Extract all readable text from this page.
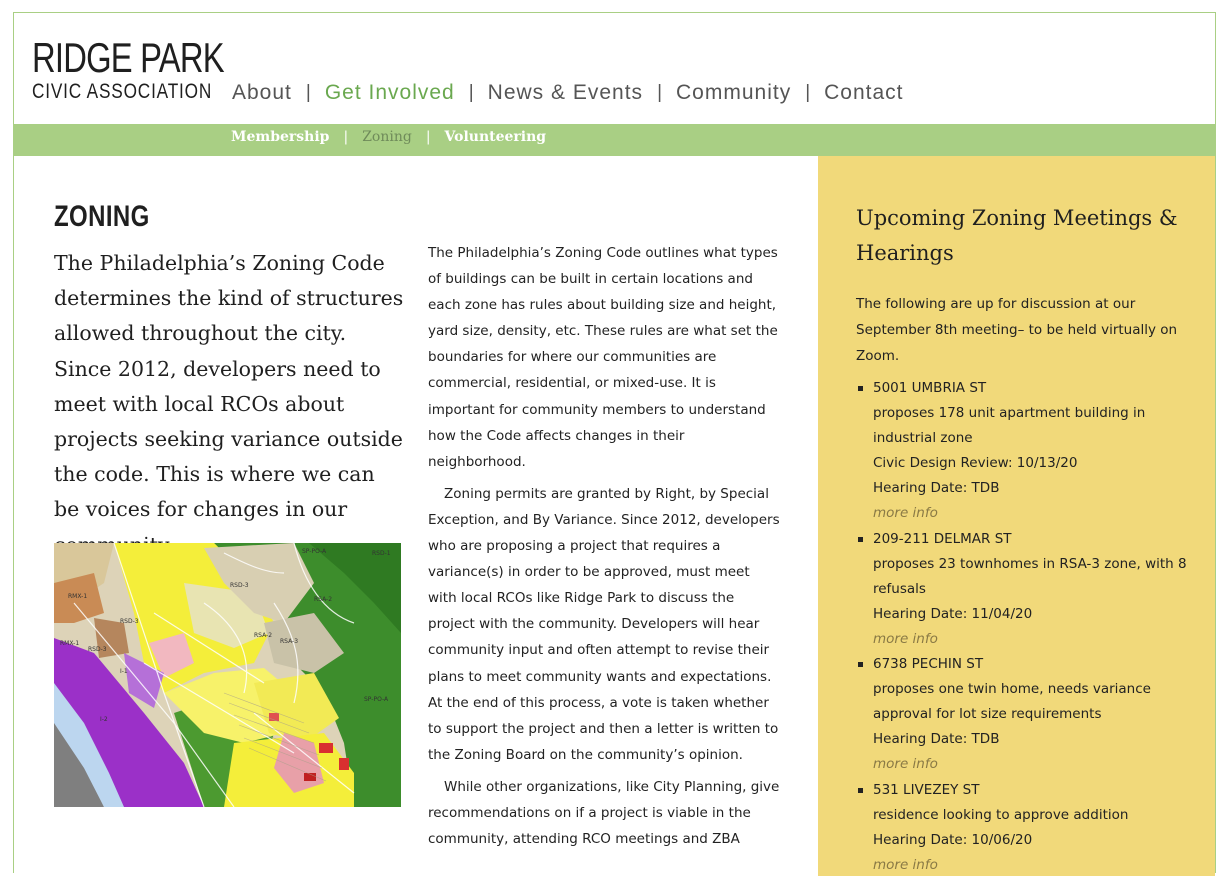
RIDGE PARK
CIVIC ASSOCIATION About | Get Involved | News & Events | Community | Contact
Membership | Zoning | Volunteering
ZONING
The Philadelphia’s Zoning Code determines the kind of structures allowed throughout the city. Since 2012, developers need to meet with local RCOs about projects seeking variance outside the code. This is where we can be voices for changes in our
RSD-1
RSD-3
RMX-1	RSA-2
RSD-3
SP-PO-A
RMX-1
RSD-3
I-1
RSA-2
RSA-3
SP-PO-A
I-2

The Philadelphia’s Zoning Code outlines what types of buildings can be built in certain locations and each zone has rules about building size and height, yard size, density, etc. These rules are what set the boundaries for where our communities are commercial, residential, or mixed-use. It is important for community members to understand how the Code affects changes in their neighborhood.

Zoning permits are granted by Right, by Special Exception, and By Variance. Since 2012, developers who are proposing a project that requires a variance(s) in order to be approved, must meet with local RCOs like Ridge Park to discuss the project with the community. Developers will hear community input and often attempt to revise their plans to meet community wants and expectations. At the end of this process, a vote is taken whether to support the project and then a letter is written to the Zoning Board on the community’s opinion.

While other organizations, like City Planning, give recommendations on if a project is viable in the community, attending RCO meetings and ZBA

Upcoming Zoning Meetings & Hearings
The following are up for discussion at our September 8th meeting– to be held virtually on Zoom.
5001 UMBRIA ST
proposes 178 unit apartment building in industrial zone
Civic Design Review: 10/13/20
Hearing Date: TDB
more info
209-211 DELMAR ST
proposes 23 townhomes in RSA-3 zone, with 8 refusals
Hearing Date: 11/04/20
more info
6738 PECHIN ST
proposes one twin home, needs variance approval for lot size requirements
Hearing Date: TDB
more info
531 LIVEZEY ST
residence looking to approve addition
Hearing Date: 10/06/20
more info
